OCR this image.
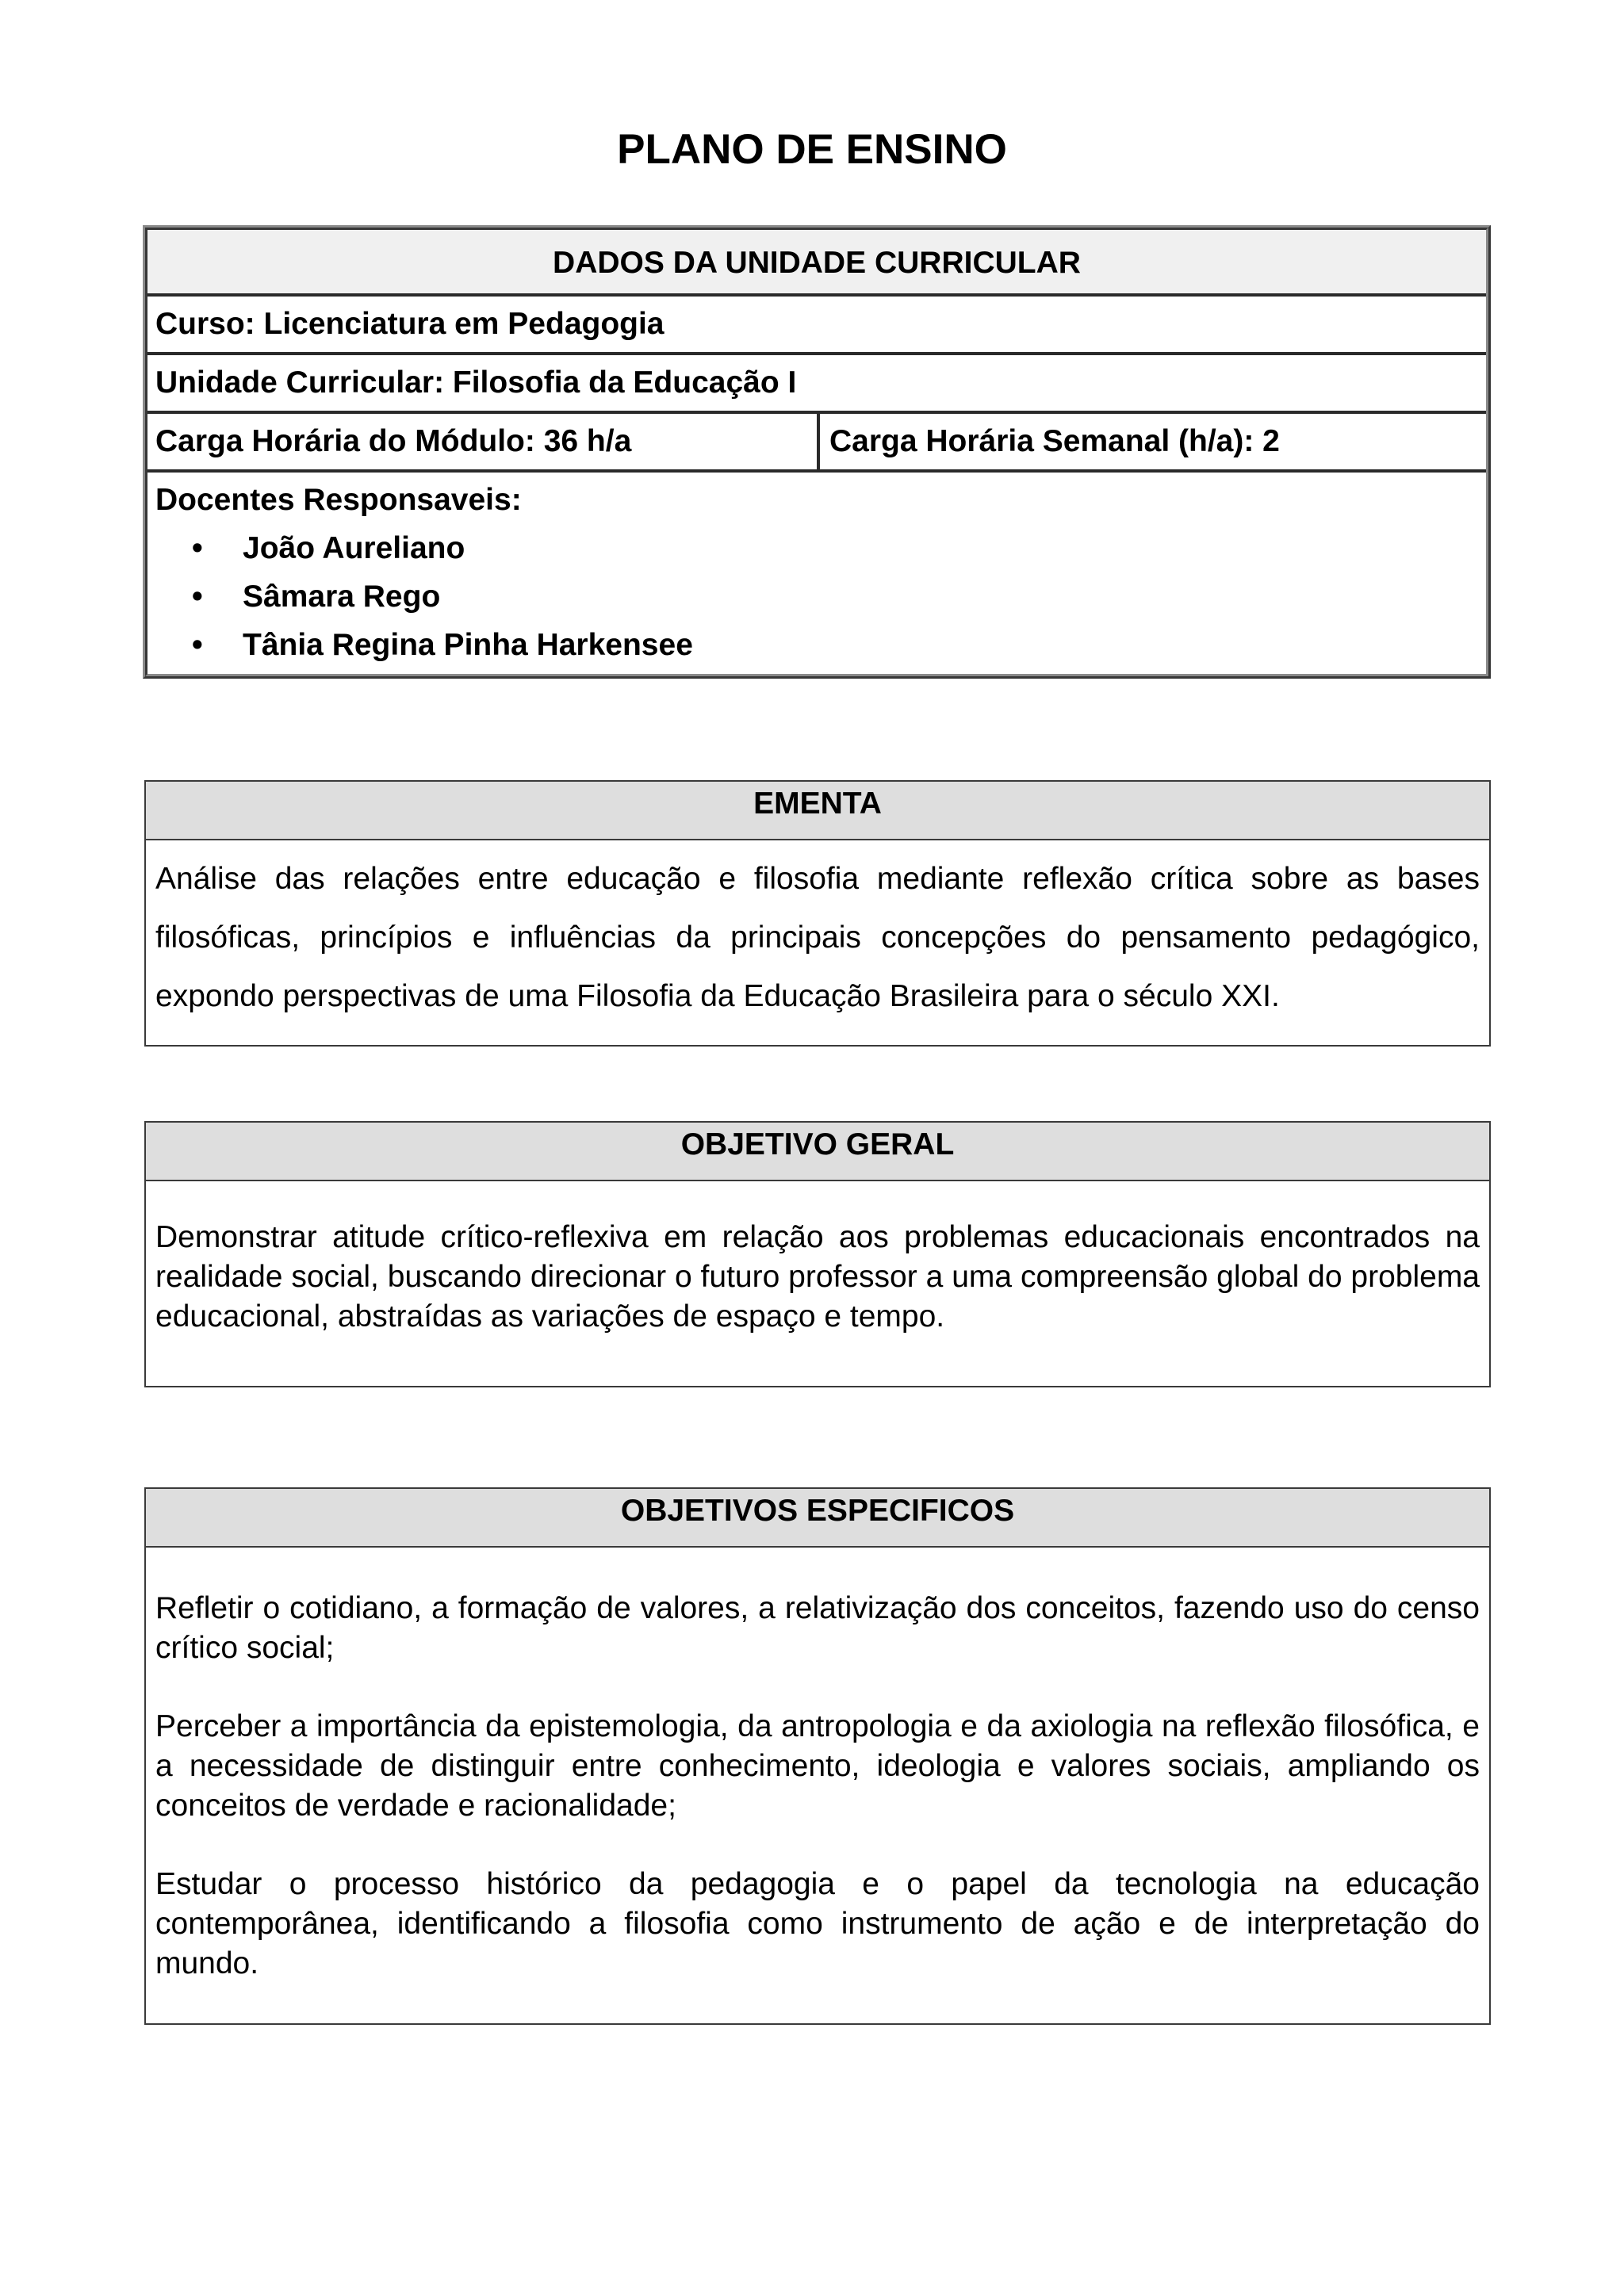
PLANO DE ENSINO
DADOS DA UNIDADE CURRICULAR
Curso: Licenciatura em Pedagogia
Unidade Curricular: Filosofia da Educação I
Carga Horária do Módulo: 36 h/a	Carga Horária Semanal (h/a): 2
Docentes Responsaveis:
• João Aureliano
• Sâmara Rego
• Tânia Regina Pinha Harkensee
EMENTA
Análise das relações entre educação e filosofia mediante reflexão crítica sobre as bases filosóficas, princípios e influências da principais concepções do pensamento pedagógico, expondo perspectivas de uma Filosofia da Educação Brasileira para o século XXI.
OBJETIVO GERAL
Demonstrar atitude crítico-reflexiva em relação aos problemas educacionais encontrados na realidade social, buscando direcionar o futuro professor a uma compreensão global do problema educacional, abstraídas as variações de espaço e tempo.
OBJETIVOS ESPECIFICOS

Refletir o cotidiano, a formação de valores, a relativização dos conceitos, fazendo uso do censo crítico social;

Perceber a importância da epistemologia, da antropologia e da axiologia na reflexão filosófica, e a necessidade de distinguir entre conhecimento, ideologia e valores sociais, ampliando os conceitos de verdade e racionalidade;

Estudar o processo histórico da pedagogia e o papel da tecnologia na educação contemporânea, identificando a filosofia como instrumento de ação e de interpretação do mundo.
